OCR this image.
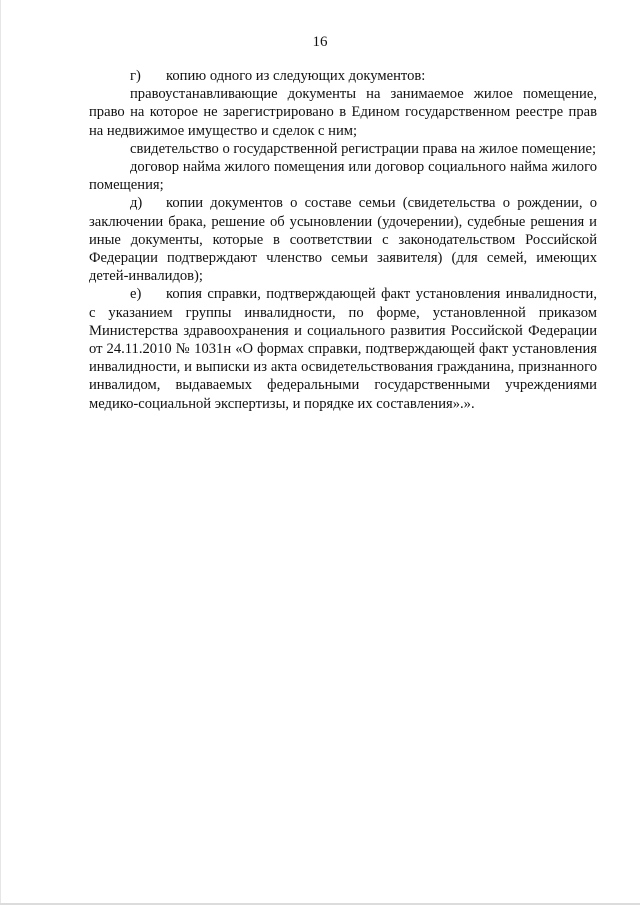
16

г) копию одного из следующих документов:

правоустанавливающие документы на занимаемое жилое помещение, право на которое не зарегистрировано в Едином государственном реестре прав на недвижимое имущество и сделок с ним;

свидетельство о государственной регистрации права на жилое помещение;

договор найма жилого помещения или договор социального найма жилого помещения;

д) копии документов о составе семьи (свидетельства о рождении, о заключении брака, решение об усыновлении (удочерении), судебные решения и иные документы, которые в соответствии с законодательством Российской Федерации подтверждают членство семьи заявителя) (для семей, имеющих детей-инвалидов);

е) копия справки, подтверждающей факт установления инвалидности, с указанием группы инвалидности, по форме, установленной приказом Министерства здравоохранения и социального развития Российской Федерации от 24.11.2010 № 1031н «О формах справки, подтверждающей факт установления инвалидности, и выписки из акта освидетельствования гражданина, признанного инвалидом, выдаваемых федеральными государственными учреждениями медико-социальной экспертизы, и порядке их составления».».
